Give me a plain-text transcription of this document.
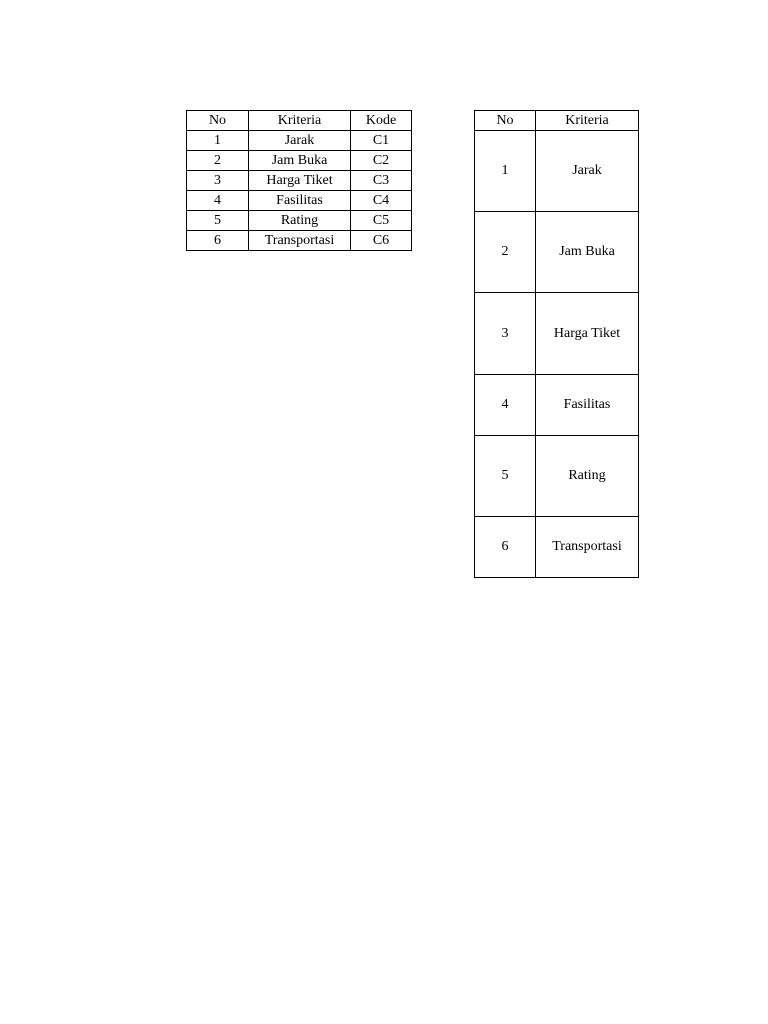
No	Kriteria	Kode
1	Jarak	C1
2	Jam Buka	C2
3	Harga Tiket	C3
4	Fasilitas	C4
5	Rating	C5
6	Transportasi	C6
No	Kriteria
1	Jarak
2	Jam Buka
3	Harga Tiket
4	Fasilitas
5	Rating
6	Transportasi
